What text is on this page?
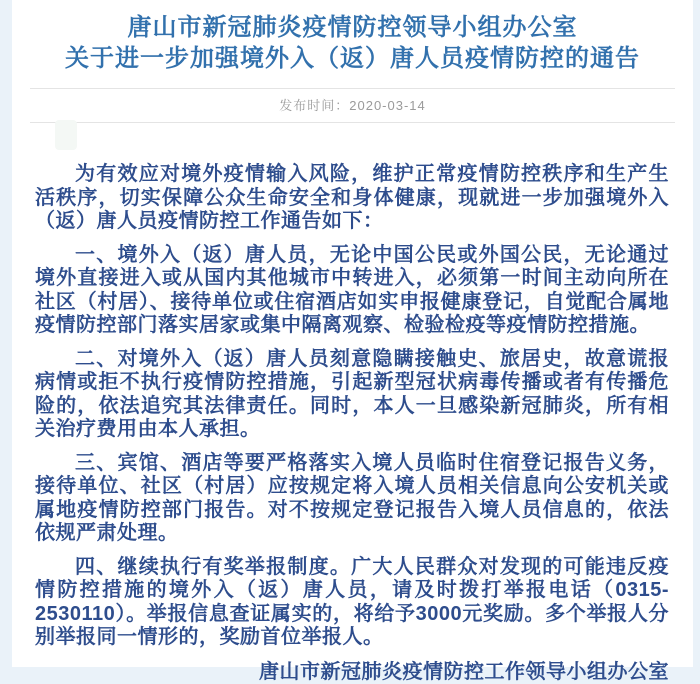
唐山市新冠肺炎疫情防控领导小组办公室
关于进一步加强境外入（返）唐人员疫情防控的通告
发布时间：2020-03-14

为有效应对境外疫情输入风险，维护正常疫情防控秩序和生产生活秩序，切实保障公众生命安全和身体健康，现就进一步加强境外入（返）唐人员疫情防控工作通告如下：

一、境外入（返）唐人员，无论中国公民或外国公民，无论通过境外直接进入或从国内其他城市中转进入，必须第一时间主动向所在社区（村居）、接待单位或住宿酒店如实申报健康登记，自觉配合属地疫情防控部门落实居家或集中隔离观察、检验检疫等疫情防控措施。

二、对境外入（返）唐人员刻意隐瞒接触史、旅居史，故意谎报病情或拒不执行疫情防控措施，引起新型冠状病毒传播或者有传播危险的，依法追究其法律责任。同时，本人一旦感染新冠肺炎，所有相关治疗费用由本人承担。

三、宾馆、酒店等要严格落实入境人员临时住宿登记报告义务，接待单位、社区（村居）应按规定将入境人员相关信息向公安机关或属地疫情防控部门报告。对不按规定登记报告入境人员信息的，依法依规严肃处理。

四、继续执行有奖举报制度。广大人民群众对发现的可能违反疫情防控措施的境外入（返）唐人员，请及时拨打举报电话（0315-2530110）。举报信息查证属实的，将给予3000元奖励。多个举报人分别举报同一情形的，奖励首位举报人。

唐山市新冠肺炎疫情防控工作领导小组办公室
